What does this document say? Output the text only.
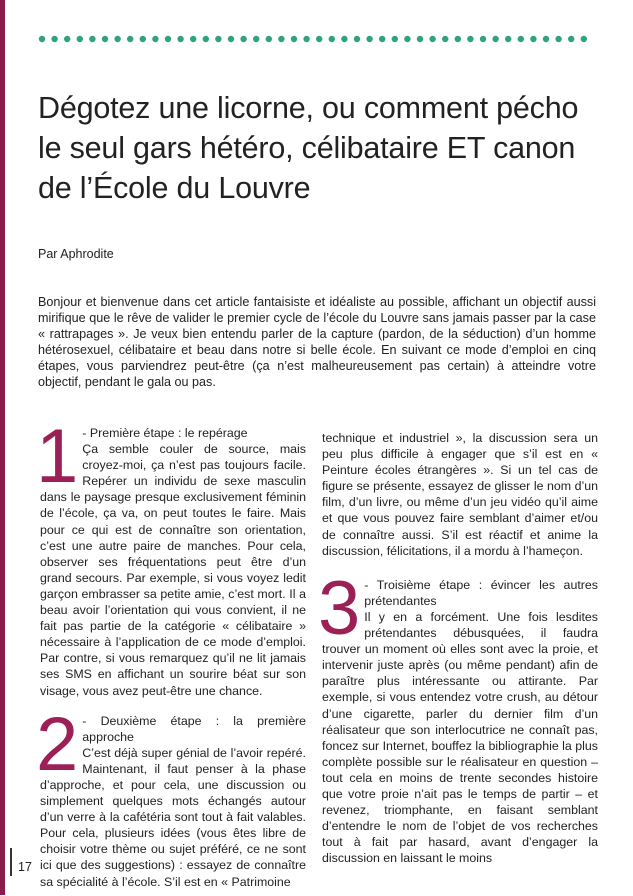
Dégotez une licorne, ou comment pécho le seul gars hétéro, célibataire ET canon de l’École du Louvre

Par Aphrodite

Bonjour et bienvenue dans cet article fantaisiste et idéaliste au possible, affichant un objectif aussi mirifique que le rêve de valider le premier cycle de l’école du Louvre sans jamais passer par la case « rattrapages ». Je veux bien entendu parler de la capture (pardon, de la séduction) d’un homme hétérosexuel, célibataire et beau dans notre si belle école. En suivant ce mode d’emploi en cinq étapes, vous parviendrez peut-être (ça n’est malheureusement pas certain) à atteindre votre objectif, pendant le gala ou pas.

1 - Première étape : le repérage
Ça semble couler de source, mais croyez-moi, ça n’est pas toujours facile. Repérer un individu de sexe masculin dans le paysage presque exclusivement féminin de l’école, ça va, on peut toutes le faire. Mais pour ce qui est de connaître son orientation, c’est une autre paire de manches. Pour cela, observer ses fréquentations peut être d’un grand secours. Par exemple, si vous voyez ledit garçon embrasser sa petite amie, c’est mort. Il a beau avoir l’orientation qui vous convient, il ne fait pas partie de la catégorie « célibataire » nécessaire à l’application de ce mode d’emploi. Par contre, si vous remarquez qu’il ne lit jamais ses SMS en affichant un sourire béat sur son visage, vous avez peut-être une chance.
2 - Deuxième étape : la première approche
C’est déjà super génial de l’avoir repéré. Maintenant, il faut penser à la phase d’approche, et pour cela, une discussion ou simplement quelques mots échangés autour d’un verre à la cafétéria sont tout à fait valables. Pour cela, plusieurs idées (vous êtes libre de choisir votre thème ou sujet préféré, ce ne sont ici que des suggestions) : essayez de connaître sa spécialité à l’école. S’il est en « Patrimoine

technique et industriel », la discussion sera un peu plus difficile à engager que s’il est en « Peinture écoles étrangères ». Si un tel cas de figure se présente, essayez de glisser le nom d’un film, d’un livre, ou même d’un jeu vidéo qu’il aime et que vous pouvez faire semblant d’aimer et/ou de connaître aussi. S’il est réactif et anime la discussion, félicitations, il a mordu à l’hameçon.

3 - Troisième étape : évincer les autres prétendantes
Il y en a forcément. Une fois lesdites prétendantes débusquées, il faudra trouver un moment où elles sont avec la proie, et intervenir juste après (ou même pendant) afin de paraître plus intéressante ou attirante. Par exemple, si vous entendez votre crush, au détour d’une cigarette, parler du dernier film d’un réalisateur que son interlocutrice ne connaît pas, foncez sur Internet, bouffez la bibliographie la plus complète possible sur le réalisateur en question – tout cela en moins de trente secondes histoire que votre proie n’ait pas le temps de partir – et revenez, triomphante, en faisant semblant d’entendre le nom de l’objet de vos recherches tout à fait par hasard, avant d’engager la discussion en laissant le moins
17
